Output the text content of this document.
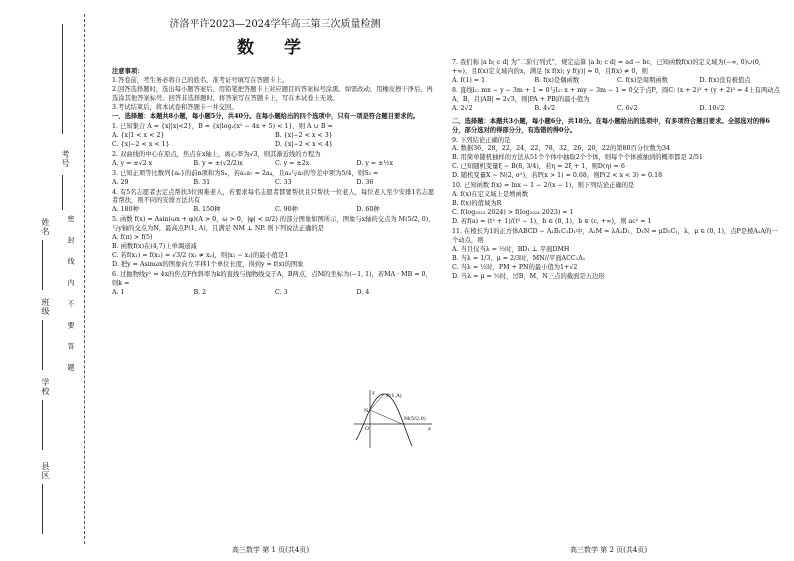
考号
姓名 密 封 线 内 不 要 答 题
班级
学校
县区
济洛平许2023—2024学年高三第三次质量检测
数 学

注意事项：

1.答卷前，考生务必将自己的姓名、准考证号填写在答题卡上。

2.回答选择题时，选出每小题答案后，用铅笔把答题卡上对应题目的答案标号涂黑。如需改动，用橡皮擦干净后，再选涂其他答案标号。回答非选择题时，将答案写在答题卡上，写在本试卷上无效。

3.考试结束后，将本试卷和答题卡一并交回。

一、选择题：本题共8小题，每小题5分，共40分。在每小题给出的四个选项中，只有一项是符合题目要求的。

1. 已知集合 A = {x||x|<2}，B = {x|log₂(x² − 4x + 5) < 1}，则 A ∪ B =

A. {x|1 < x < 2}	B. {x|−2 < x < 3}
C. {x|−2 < x < 1}	D. {x|−2 < x < 4}

2. 双曲线的中心在原点，焦点在x轴上，离心率为√3，则其渐近线的方程为

A. y = ±√2 x	B. y = ±(√2/2)x	C. y = ±2x	D. y = ±½x

3. 已知正项等比数列{aₙ}的前n项和为Sₙ，若a₁a₇ = 2a₄，且a₄与a₅的等差中项为5/4，则S₅ =

A. 29	B. 31	C. 33	D. 36

4. 有5名志愿者去定点帮扶3位困难老人，若要求每名志愿者都要帮扶且只帮扶一位老人，每位老人至少安排1名志愿者帮扶，则不同的安排方法共有

A. 180种	B. 150种	C. 90种	D. 60种

5. 函数 f(x) = Asin(ωx + φ)(A > 0，ω > 0，|φ| < π/2) 的部分图象如图所示，图象与x轴的交点为 M(5/2, 0)，与y轴的交点为N，最高点P(1, A)，且满足 NM ⊥ NP. 则下列说法正确的是

A. f(π) > f(5)

B. 函数f(x)在(4,7)上单调递减

C. 若f(x₁) = f(x₂) = √3/2 (x₁ ≠ x₂)，则|x₁ − x₂|的最小值是1

D. 把y = Asinωx的图象向左平移1个单位长度，得到y = f(x)的图象

6. 过抛物线y² = 4x的焦点F作斜率为k的直线与抛物线交于A，B两点，点M的坐标为(−1, 1)，若MA · MB = 0，则k =

A. 1	B. 2	C. 3	D. 4
P(1,A)
M(5/2,0)
O
N
x
y

7. 我们称 |a b; c d| 为“二阶行列式”，规定运算 |a b; c d| = ad − bc，已知函数f(x)的定义域为(−∞, 0)∪(0, +∞)，且f(x)定义域内的x，满足 |x f(x); y f(y)| = 0，且f(x) ≠ 0，则

A. f(1) = 1	B. f(x)是偶函数	C. f(x)是周期函数	D. f(x)没有极值点

8. 直线l₁: mx − y − 3m + 1 = 0与l₂: x + my − 3m − 1 = 0交于点P，圆C: (x + 2)² + (y + 2)² = 4上有两动点A，B，且|AB| = 2√3，则|PA + PB|的最小值为

A. 2√2	B. 4√2	C. 6√2	D. 10√2

二、选择题：本题共3小题，每小题6分，共18分。在每小题给出的选项中，有多项符合题目要求。全部选对的得6分，部分选对的得部分分，有选错的得0分。

9. 下列结论正确的是

A. 数据36，28，22，24，22，78，32，26，20，22的第80百分位数为34

B. 用简单随机抽样的方法从51个个体中抽取2个个体，则每个个体被抽到的概率都是 2/51

C. 已知随机变量ξ ~ B(8, 3/4)，若η = 2ξ + 1，则D(η) = 6

D. 随机变量X ~ N(2, σ²)，若P(x > 1) = 0.68，则P(2 < x < 3) = 0.18

10. 已知函数 f(x) = lnx − 1 − 2/(x − 1)，则下列结论正确的是

A. f(x)在定义域上是增函数

B. f(x)的值域为R

C. f(log₂₀₂₃ 2024) > f(log₂₀₂₄ 2023) = 1

D. 若f(a) = (t² + 1)/(t² − 1)，b ∈ (0, 1)，b ∈ (c, +∞)，则 ac² = 1

11. 在棱长为1的正方体ABCD − A₁B₁C₁D₁中，A₁M = λA₁D₁，D₁N = μD₁C₁，λ，μ ∈ (0, 1)，点P是棱A₁A的一个动点，则

A. 当且仅当λ = ½时，BD₁ ⊥ 平面DMH

B. 当λ = 1/3，μ = 2/3时，MN//平面ACC₁A₁

C. 当λ = ½时，PM + PN的最小值为1+√2

D. 当λ = μ = ½时，过B，M，N三点的截面是五边形

高三数学 第 1 页(共4页)	高三数学 第 2 页(共4页)
